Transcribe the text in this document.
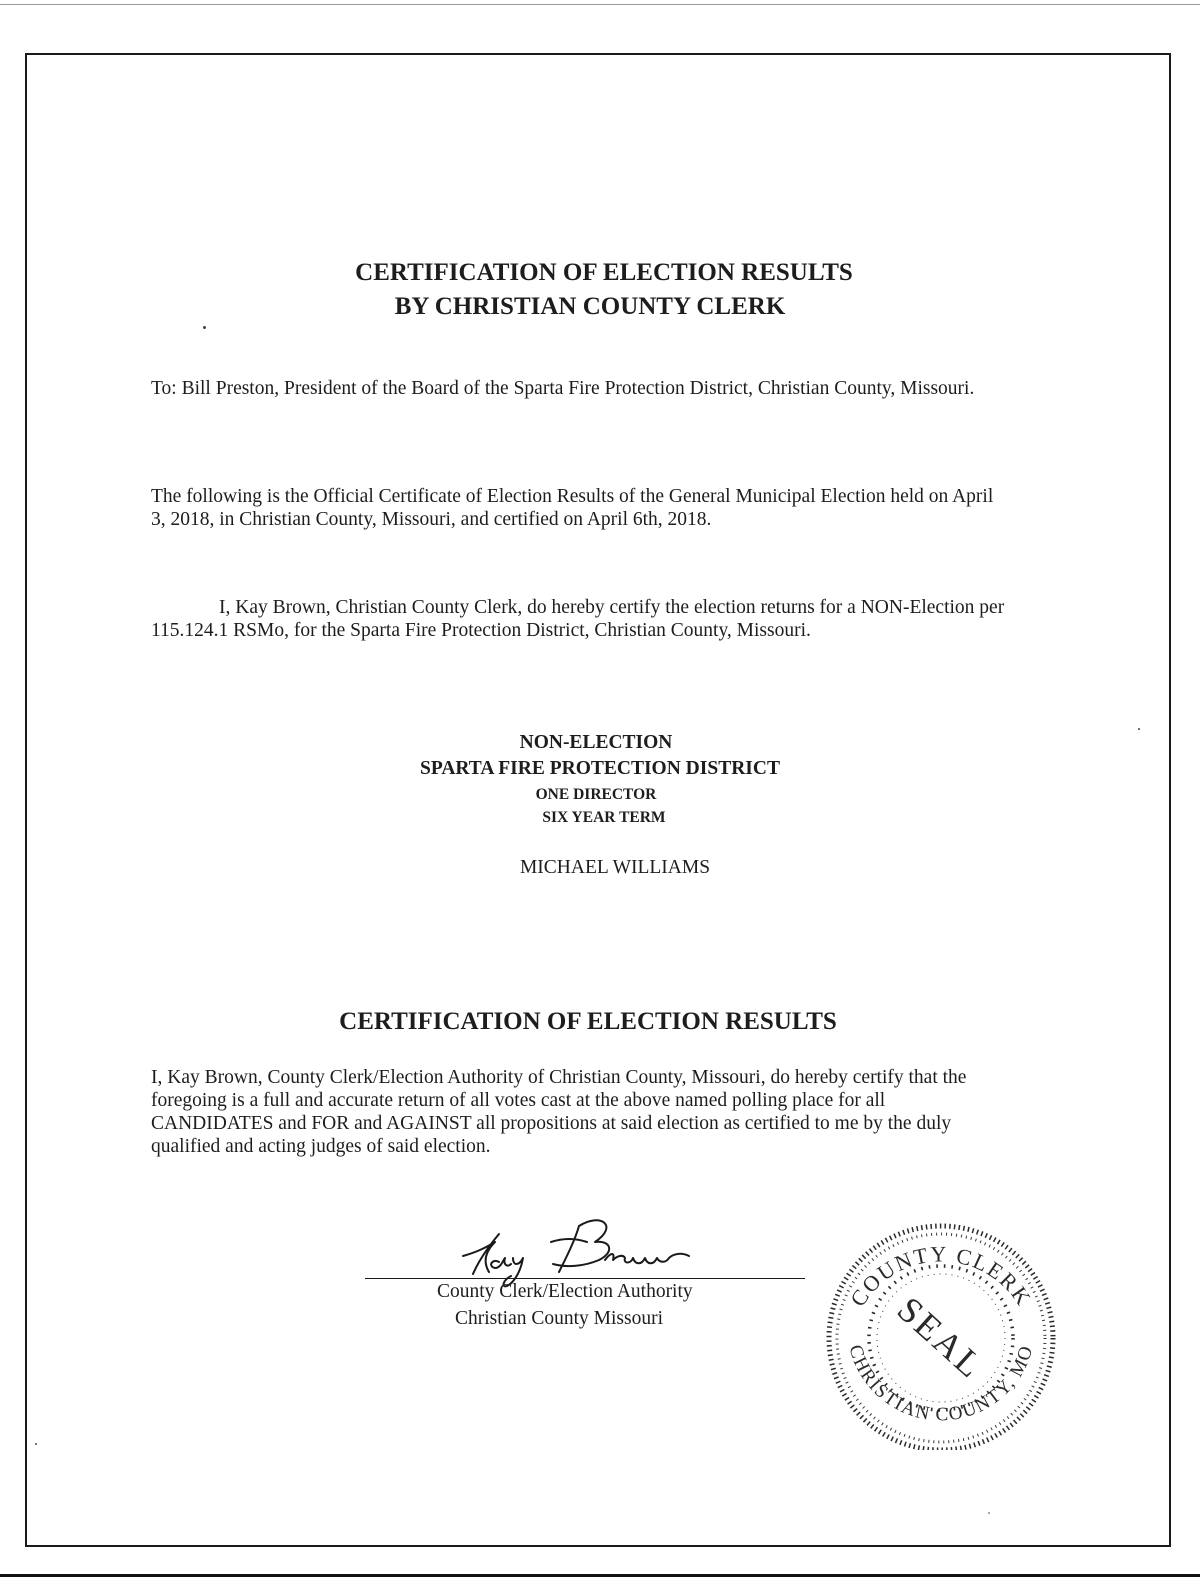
CERTIFICATION OF ELECTION RESULTS
BY CHRISTIAN COUNTY CLERK

To: Bill Preston, President of the Board of the Sparta Fire Protection District, Christian County, Missouri.

The following is the Official Certificate of Election Results of the General Municipal Election held on April 3, 2018, in Christian County, Missouri, and certified on April 6th, 2018.

I, Kay Brown, Christian County Clerk, do hereby certify the election returns for a NON-Election per 115.124.1 RSMo, for the Sparta Fire Protection District, Christian County, Missouri.

NON-ELECTION

SPARTA FIRE PROTECTION DISTRICT

ONE DIRECTOR

SIX YEAR TERM

MICHAEL WILLIAMS

CERTIFICATION OF ELECTION RESULTS

I, Kay Brown, County Clerk/Election Authority of Christian County, Missouri, do hereby certify that the foregoing is a full and accurate return of all votes cast at the above named polling place for all CANDIDATES and FOR and AGAINST all propositions at said election as certified to me by the duly qualified and acting judges of said election.

County Clerk/Election Authority

Christian County Missouri

COUNTY CLERK
CHRISTIAN COUNTY, MO
SEAL
